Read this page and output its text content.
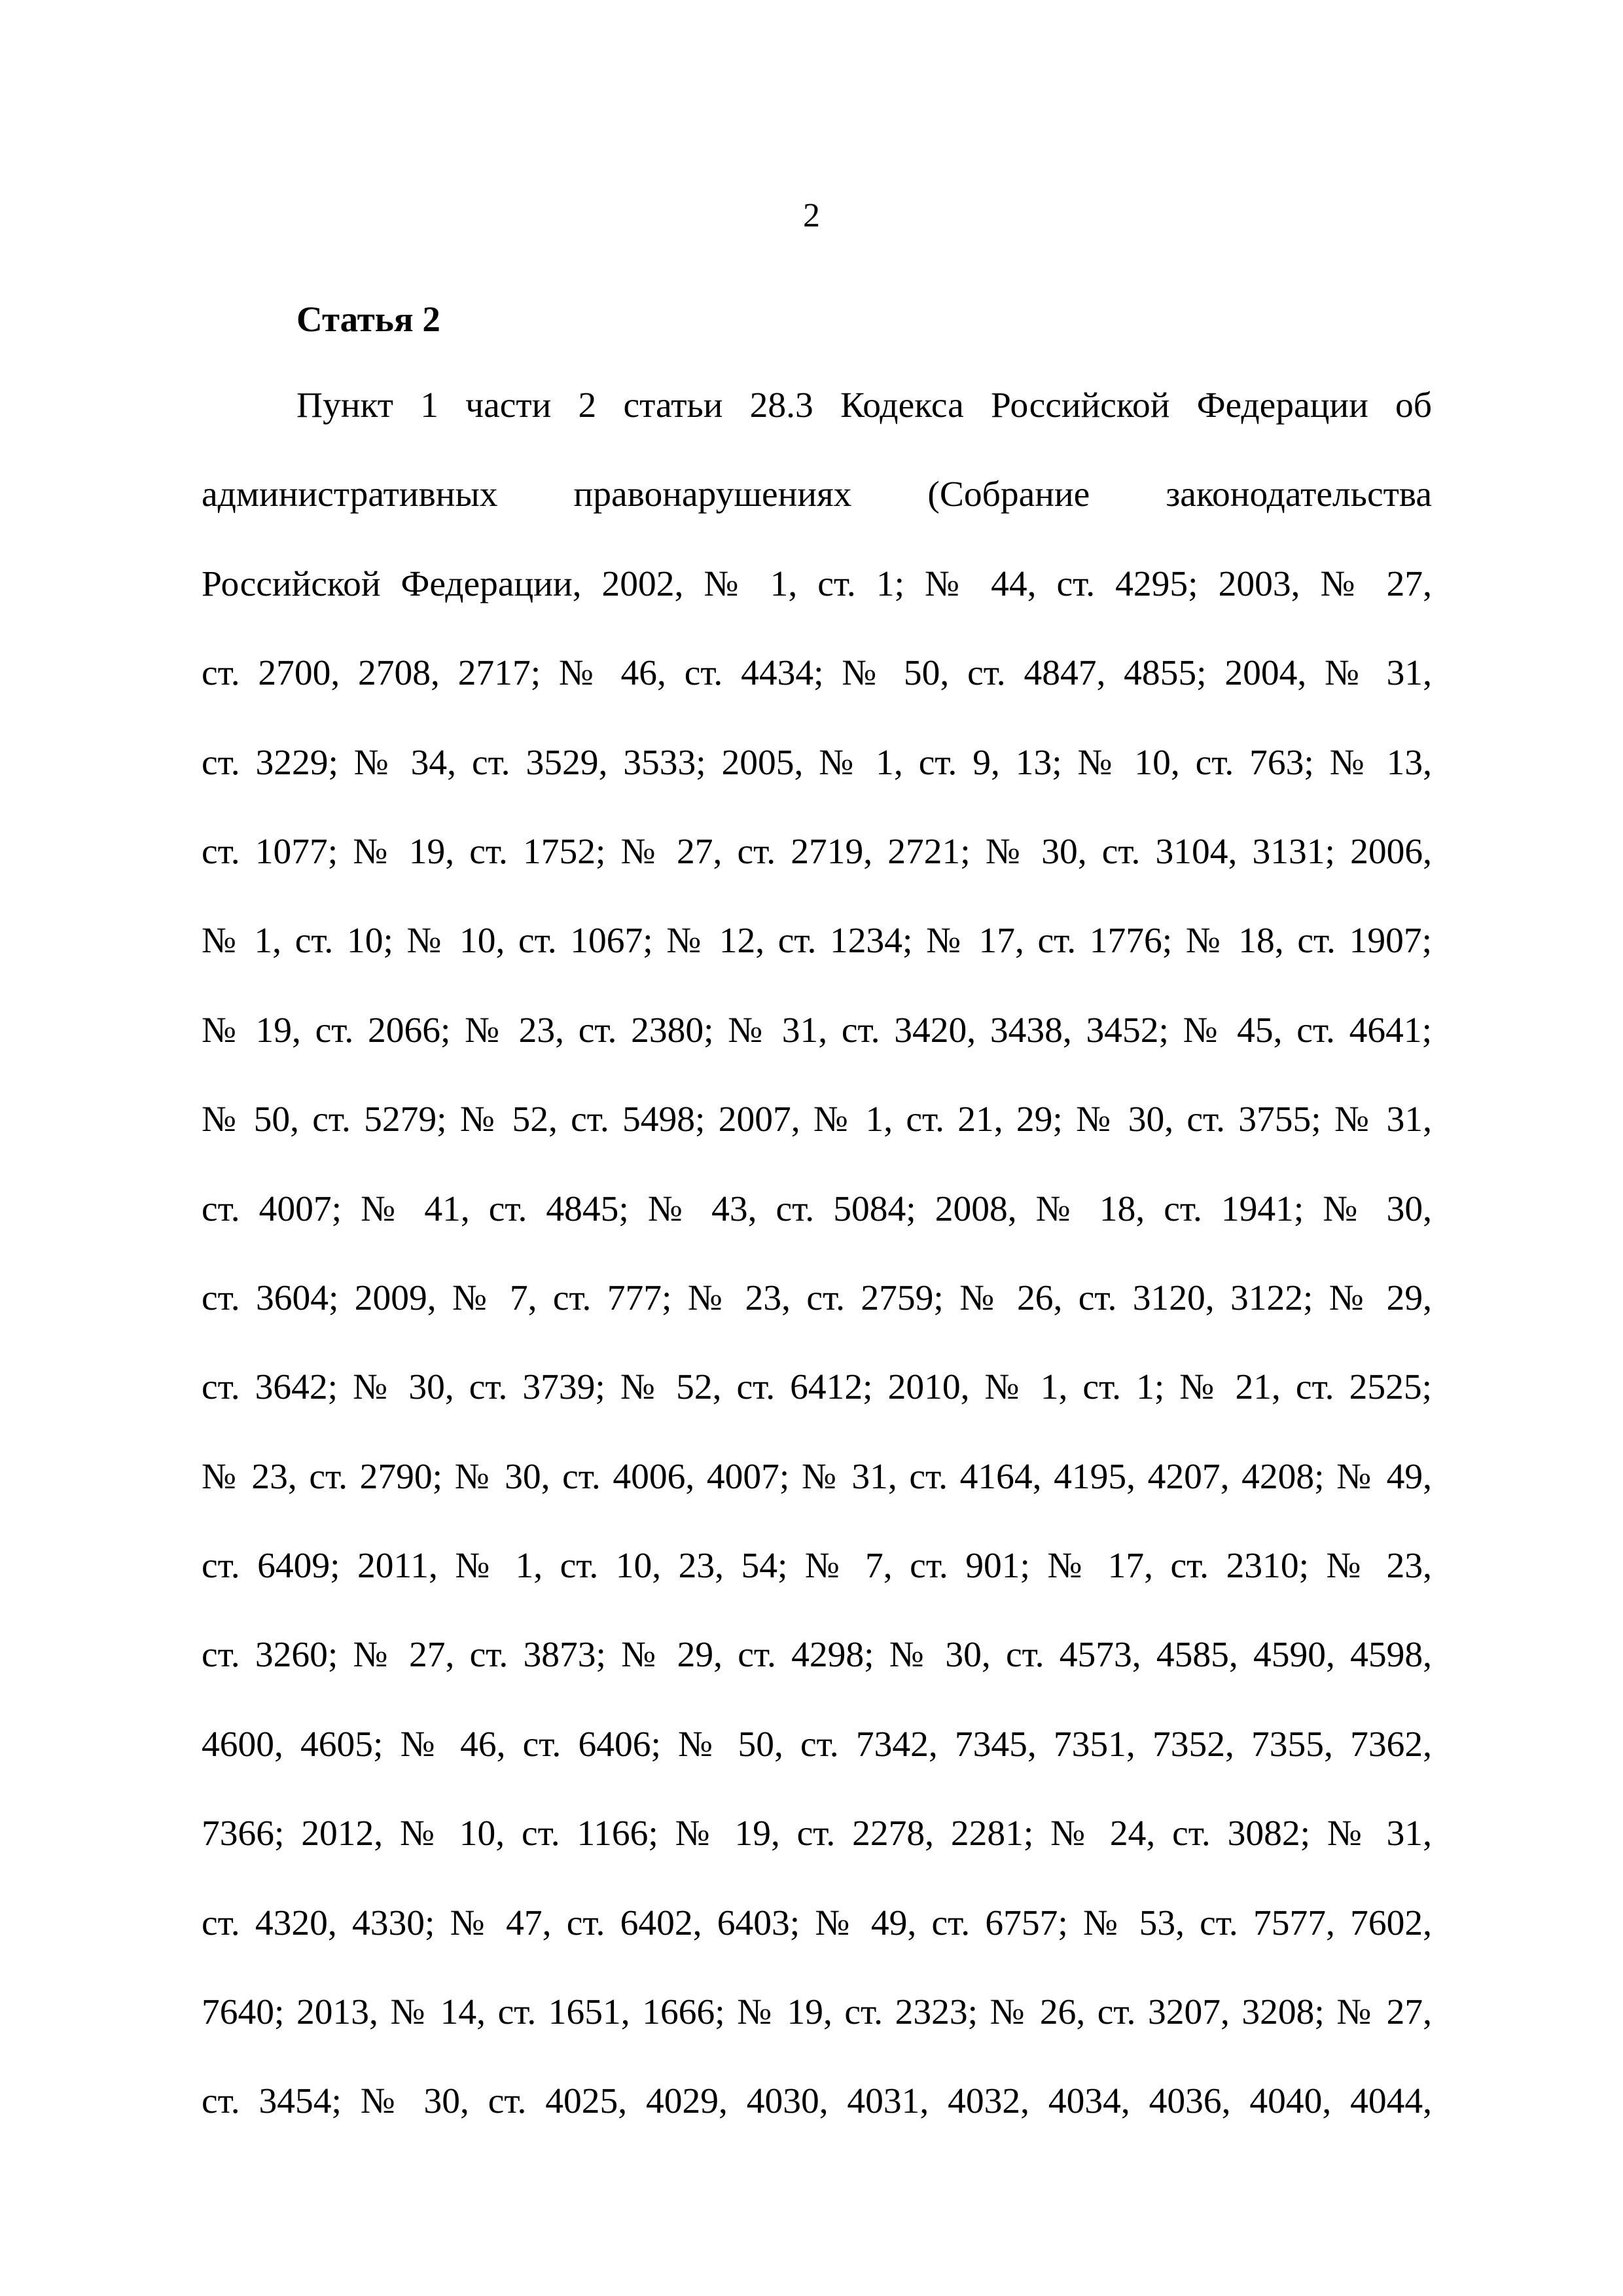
2
Статья 2
Пункт 1 части 2 статьи 28.3 Кодекса Российской Федерации об
административных правонарушениях (Собрание законодательства
Российской Федерации, 2002, № 1, ст. 1; № 44, ст. 4295; 2003, № 27,
ст. 2700, 2708, 2717; № 46, ст. 4434; № 50, ст. 4847, 4855; 2004, № 31,
ст. 3229; № 34, ст. 3529, 3533; 2005, № 1, ст. 9, 13; № 10, ст. 763; № 13,
ст. 1077; № 19, ст. 1752; № 27, ст. 2719, 2721; № 30, ст. 3104, 3131; 2006,
№ 1, ст. 10; № 10, ст. 1067; № 12, ст. 1234; № 17, ст. 1776; № 18, ст. 1907;
№ 19, ст. 2066; № 23, ст. 2380; № 31, ст. 3420, 3438, 3452; № 45, ст. 4641;
№ 50, ст. 5279; № 52, ст. 5498; 2007, № 1, ст. 21, 29; № 30, ст. 3755; № 31,
ст. 4007; № 41, ст. 4845; № 43, ст. 5084; 2008, № 18, ст. 1941; № 30,
ст. 3604; 2009, № 7, ст. 777; № 23, ст. 2759; № 26, ст. 3120, 3122; № 29,
ст. 3642; № 30, ст. 3739; № 52, ст. 6412; 2010, № 1, ст. 1; № 21, ст. 2525;
№ 23, ст. 2790; № 30, ст. 4006, 4007; № 31, ст. 4164, 4195, 4207, 4208; № 49,
ст. 6409; 2011, № 1, ст. 10, 23, 54; № 7, ст. 901; № 17, ст. 2310; № 23,
ст. 3260; № 27, ст. 3873; № 29, ст. 4298; № 30, ст. 4573, 4585, 4590, 4598,
4600, 4605; № 46, ст. 6406; № 50, ст. 7342, 7345, 7351, 7352, 7355, 7362,
7366; 2012, № 10, ст. 1166; № 19, ст. 2278, 2281; № 24, ст. 3082; № 31,
ст. 4320, 4330; № 47, ст. 6402, 6403; № 49, ст. 6757; № 53, ст. 7577, 7602,
7640; 2013, № 14, ст. 1651, 1666; № 19, ст. 2323; № 26, ст. 3207, 3208; № 27,
ст. 3454; № 30, ст. 4025, 4029, 4030, 4031, 4032, 4034, 4036, 4040, 4044,
